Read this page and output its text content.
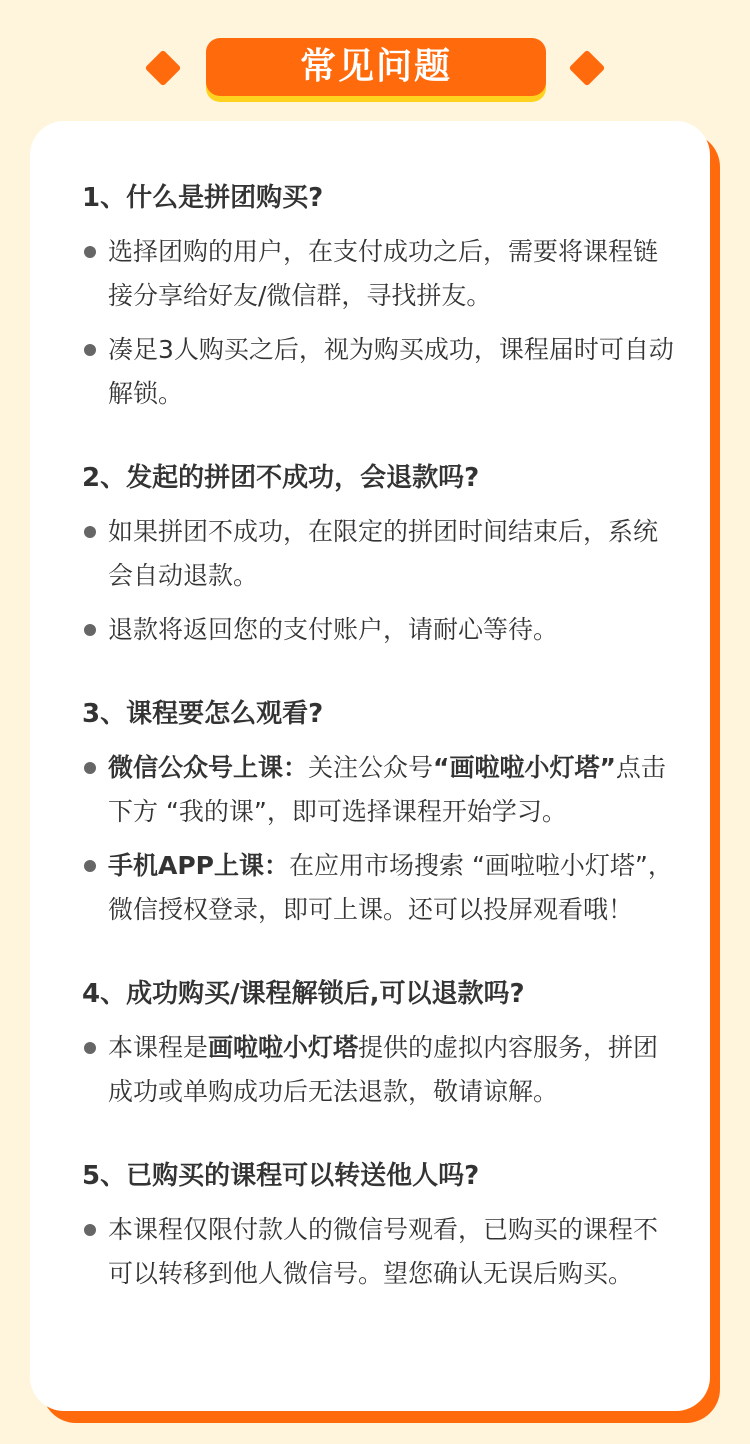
常见问题
1、什么是拼团购买?
选择团购的用户，在支付成功之后，需要将课程链接分享给好友/微信群，寻找拼友。
凑足3人购买之后，视为购买成功，课程届时可自动解锁。
2、发起的拼团不成功，会退款吗?
如果拼团不成功，在限定的拼团时间结束后，系统会自动退款。
退款将返回您的支付账户，请耐心等待。
3、课程要怎么观看?
微信公众号上课：关注公众号“画啦啦小灯塔”点击下方 “我的课”，即可选择课程开始学习。
手机APP上课：在应用市场搜索 “画啦啦小灯塔”，微信授权登录，即可上课。还可以投屏观看哦！
4、成功购买/课程解锁后,可以退款吗?
本课程是画啦啦小灯塔提供的虚拟内容服务，拼团成功或单购成功后无法退款，敬请谅解。
5、已购买的课程可以转送他人吗?
本课程仅限付款人的微信号观看，已购买的课程不可以转移到他人微信号。望您确认无误后购买。
